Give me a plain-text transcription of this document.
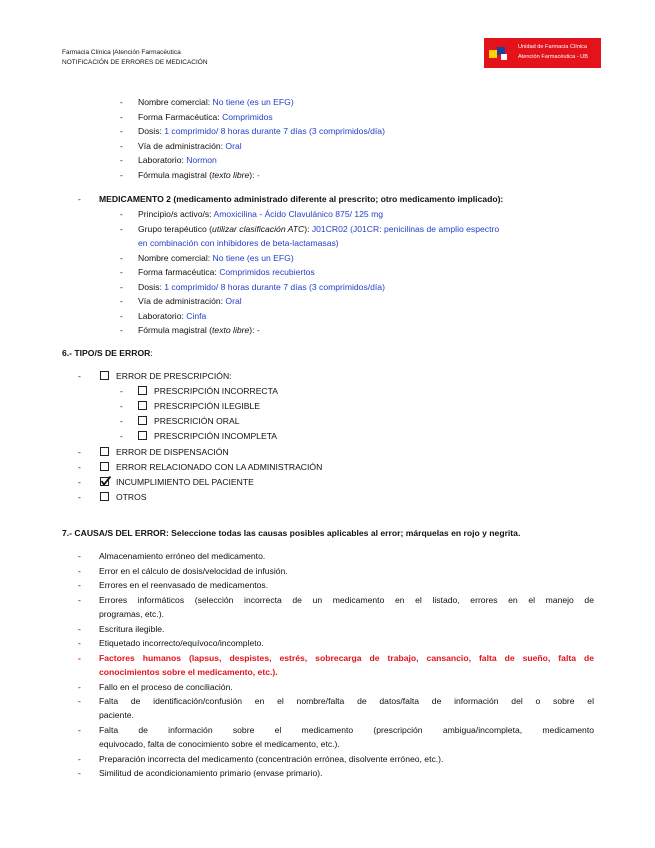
Farmacia Clínica |Atención Farmacéutica
NOTIFICACIÓN DE ERRORES DE MEDICACIÓN
Unidad de Farmacia Clínica
Atención Farmacéutica - UB
- Nombre comercial: No tiene (es un EFG)
- Forma Farmacéutica: Comprimidos
- Dosis: 1 comprimido/ 8 horas durante 7 días (3 comprimidos/día)
- Vía de administración: Oral
- Laboratorio: Normon
- Fórmula magistral (texto libre): -
- MEDICAMENTO 2 (medicamento administrado diferente al prescrito; otro medicamento implicado):
- Principio/s activo/s: Amoxicilina - Ácido Clavulánico 875/ 125 mg
- Grupo terapéutico (utilizar clasificación ATC): J01CR02 (J01CR: penicilinas de amplio espectro
en combinación con inhibidores de beta-lactamasas)
- Nombre comercial: No tiene (es un EFG)
- Forma farmacéutica: Comprimidos recubiertos
- Dosis: 1 comprimido/ 8 horas durante 7 días (3 comprimidos/día)
- Vía de administración: Oral
- Laboratorio: Cinfa
- Fórmula magistral (texto libre): -
6.- TIPO/S DE ERROR:
-	ERROR DE PRESCRIPCIÓN:
-	PRESCRIPCIÓN INCORRECTA
-	PRESCRIPCIÓN ILEGIBLE
-	PRESCRICIÓN ORAL
-	PRESCRIPCIÓN INCOMPLETA
-	ERROR DE DISPENSACIÓN
-	ERROR RELACIONADO CON LA ADMINISTRACIÓN
-	INCUMPLIMIENTO DEL PACIENTE
-	OTROS
7.- CAUSA/S DEL ERROR: Seleccione todas las causas posibles aplicables al error; márquelas en rojo y negrita.
- Almacenamiento erróneo del medicamento.
- Error en el cálculo de dosis/velocidad de infusión.
- Errores en el reenvasado de medicamentos.
- Errores informáticos (selección incorrecta de un medicamento en el listado, errores en el manejo de
programas, etc.).
- Escritura ilegible.
- Etiquetado incorrecto/equívoco/incompleto.
- Factores humanos (lapsus, despistes, estrés, sobrecarga de trabajo, cansancio, falta de sueño, falta de
conocimientos sobre el medicamento, etc.).
- Fallo en el proceso de conciliación.
- Falta de identificación/confusión en el nombre/falta de datos/falta de información del o sobre el
paciente.
- Falta de información sobre el medicamento (prescripción ambigua/incompleta, medicamento
equivocado, falta de conocimiento sobre el medicamento, etc.).
- Preparación incorrecta del medicamento (concentración errónea, disolvente erróneo, etc.).
- Similitud de acondicionamiento primario (envase primario).
